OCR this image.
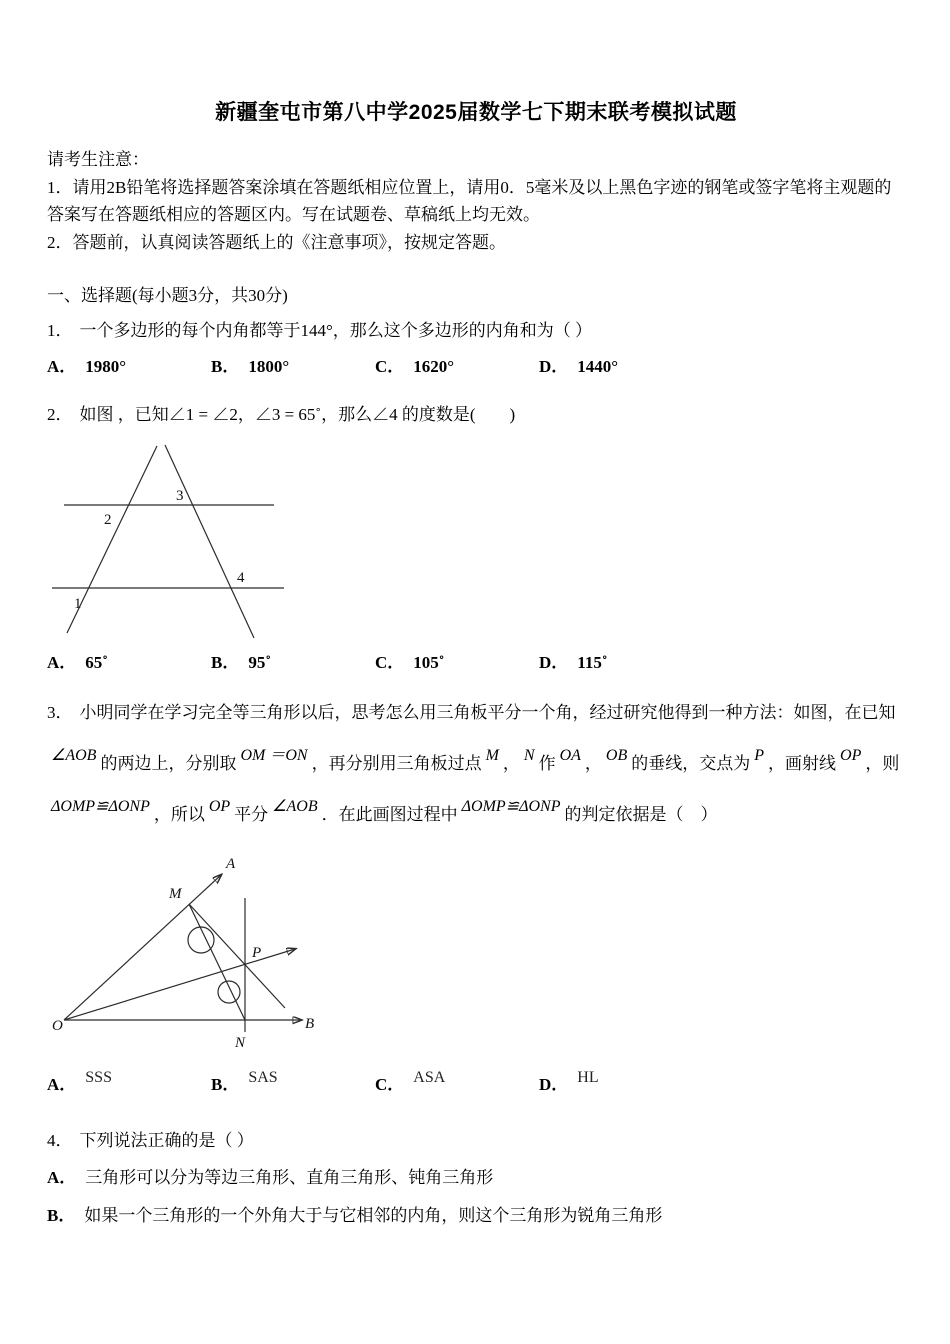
新疆奎屯市第八中学2025届数学七下期末联考模拟试题

请考生注意：

1．请用2B铅笔将选择题答案涂填在答题纸相应位置上，请用0．5毫米及以上黑色字迹的钢笔或签字笔将主观题的答案写在答题纸相应的答题区内。写在试题卷、草稿纸上均无效。

2．答题前，认真阅读答题纸上的《注意事项》，按规定答题。

一、选择题(每小题3分，共30分)

1． 一个多边形的每个内角都等于144°，那么这个多边形的内角和为（ ）

A． 1980°	B． 1800°	C． 1620°	D． 1440°

2． 如图 ，已知∠1 = ∠2，∠3 = 65˚，那么∠4 的度数是(　　)

3
2
1
4
A． 65˚	B． 95˚	C． 105˚	D． 115˚

3． 小明同学在学习完全等三角形以后，思考怎么用三角板平分一个角，经过研究他得到一种方法：如图，在已知∠AOB 的两边上，分别取 OM ＝ON ，再分别用三角板过点 M ， N 作 OA ， OB 的垂线，交点为 P ，画射线 OP ，则ΔOMP≌ΔONP ，所以 OP 平分 ∠AOB ．在此画图过程中 ΔOMP≌ΔONP 的判定依据是（　）

O
A
M
P
N
B
A． SSS	B． SAS	C． ASA	D． HL

4． 下列说法正确的是（ ）

A． 三角形可以分为等边三角形、直角三角形、钝角三角形

B． 如果一个三角形的一个外角大于与它相邻的内角，则这个三角形为锐角三角形
